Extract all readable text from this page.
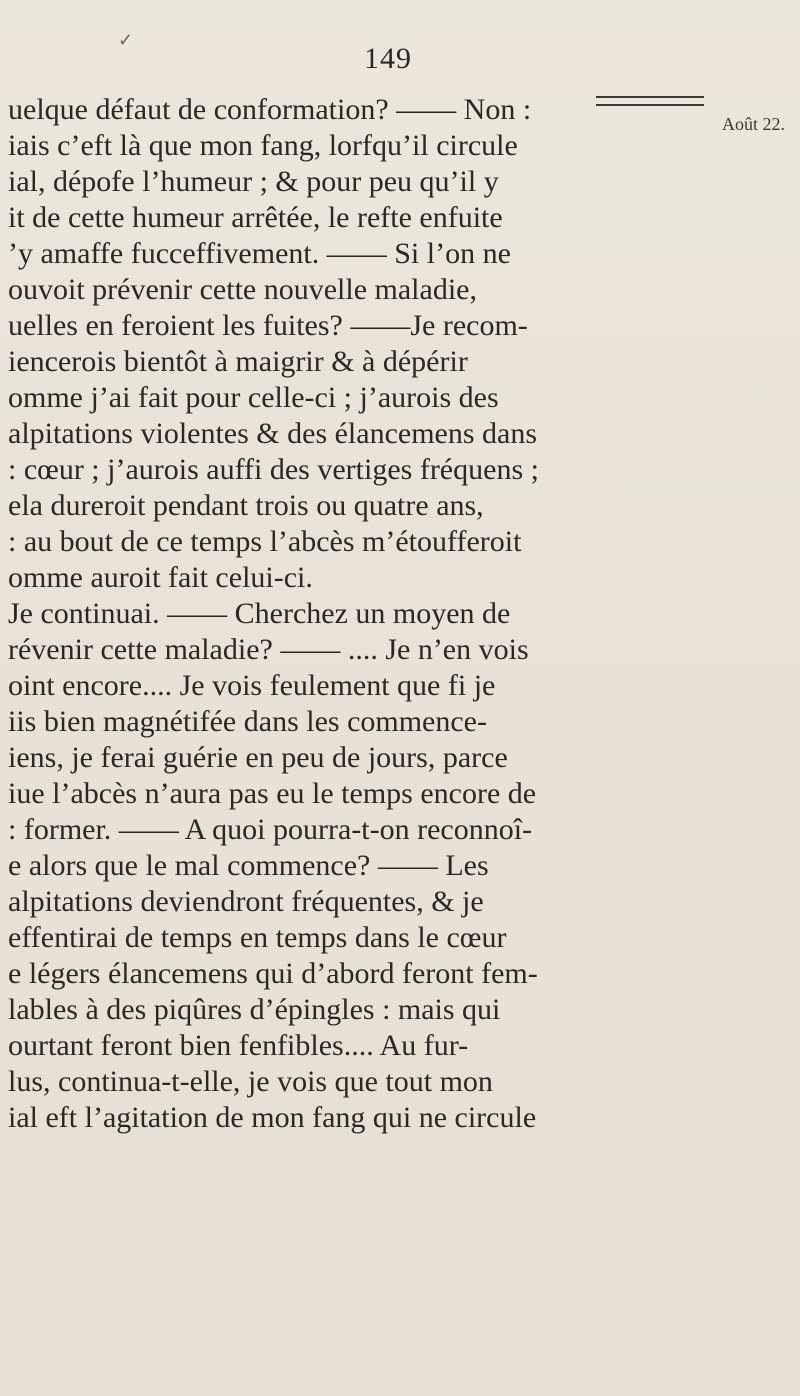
✓
149
Août 22.
uelque défaut de conformation? —— Non :
iais c’eft là que mon fang, lorfqu’il circule
ial, dépofe l’humeur ; & pour peu qu’il y
it de cette humeur arrêtée, le refte enfuite
’y amaffe fucceffivement. —— Si l’on ne
ouvoit prévenir cette nouvelle maladie,
uelles en feroient les fuites? ——Je recom-
iencerois bientôt à maigrir & à dépérir
omme j’ai fait pour celle-ci ; j’aurois des
alpitations violentes & des élancemens dans
: cœur ; j’aurois auffi des vertiges fréquens ;
ela dureroit pendant trois ou quatre ans,
: au bout de ce temps l’abcès m’étoufferoit
omme auroit fait celui-ci.
Je continuai. —— Cherchez un moyen de
révenir cette maladie? —— .... Je n’en vois
oint encore.... Je vois feulement que fi je
iis bien magnétifée dans les commence-
iens, je ferai guérie en peu de jours, parce
iue l’abcès n’aura pas eu le temps encore de
: former. —— A quoi pourra-t-on reconnoî-
e alors que le mal commence? —— Les
alpitations deviendront fréquentes, & je
effentirai de temps en temps dans le cœur
e légers élancemens qui d’abord feront fem-
lables à des piqûres d’épingles : mais qui
ourtant feront bien fenfibles.... Au fur-
lus, continua-t-elle, je vois que tout mon
ial eft l’agitation de mon fang qui ne circule
